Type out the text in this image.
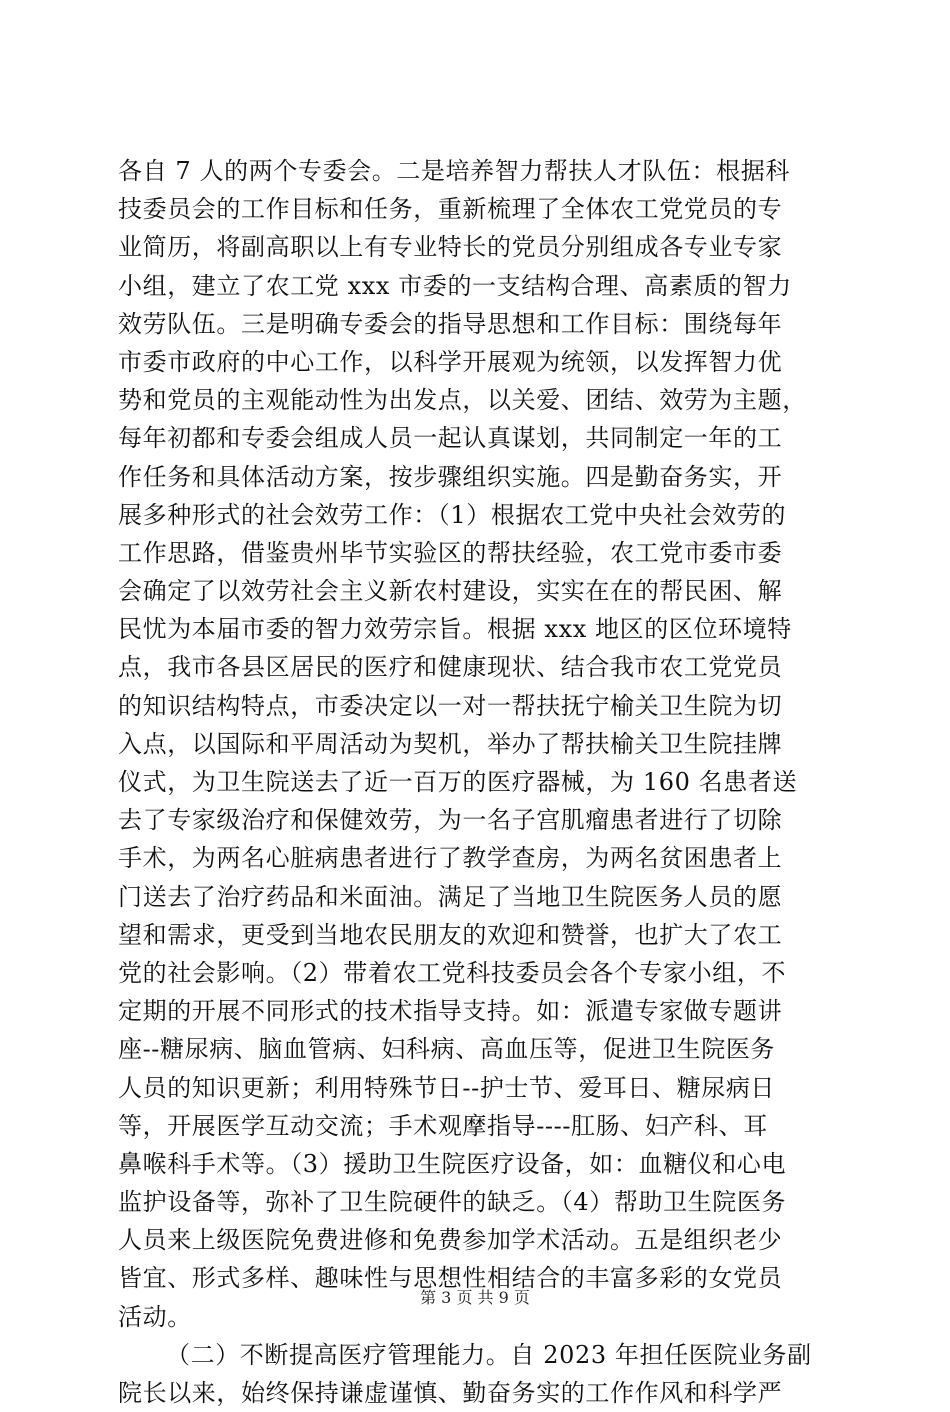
各自 7 人的两个专委会。二是培养智力帮扶人才队伍：根据科
技委员会的工作目标和任务，重新梳理了全体农工党党员的专
业简历，将副高职以上有专业特长的党员分别组成各专业专家
小组，建立了农工党 xxx 市委的一支结构合理、高素质的智力
效劳队伍。三是明确专委会的指导思想和工作目标：围绕每年
市委市政府的中心工作，以科学开展观为统领，以发挥智力优
势和党员的主观能动性为出发点，以关爱、团结、效劳为主题，
每年初都和专委会组成人员一起认真谋划，共同制定一年的工
作任务和具体活动方案，按步骤组织实施。四是勤奋务实，开
展多种形式的社会效劳工作：（1）根据农工党中央社会效劳的
工作思路，借鉴贵州毕节实验区的帮扶经验，农工党市委市委
会确定了以效劳社会主义新农村建设，实实在在的帮民困、解
民忧为本届市委的智力效劳宗旨。根据 xxx 地区的区位环境特
点，我市各县区居民的医疗和健康现状、结合我市农工党党员
的知识结构特点，市委决定以一对一帮扶抚宁榆关卫生院为切
入点，以国际和平周活动为契机，举办了帮扶榆关卫生院挂牌
仪式，为卫生院送去了近一百万的医疗器械，为 160 名患者送
去了专家级治疗和保健效劳，为一名子宫肌瘤患者进行了切除
手术，为两名心脏病患者进行了教学查房，为两名贫困患者上
门送去了治疗药品和米面油。满足了当地卫生院医务人员的愿
望和需求，更受到当地农民朋友的欢迎和赞誉，也扩大了农工
党的社会影响。（2）带着农工党科技委员会各个专家小组，不
定期的开展不同形式的技术指导支持。如：派遣专家做专题讲
座--糖尿病、脑血管病、妇科病、高血压等，促进卫生院医务
人员的知识更新；利用特殊节日--护士节、爱耳日、糖尿病日
等，开展医学互动交流；手术观摩指导----肛肠、妇产科、耳
鼻喉科手术等。（3）援助卫生院医疗设备，如：血糖仪和心电
监护设备等，弥补了卫生院硬件的缺乏。（4）帮助卫生院医务
人员来上级医院免费进修和免费参加学术活动。五是组织老少
皆宜、形式多样、趣味性与思想性相结合的丰富多彩的女党员
活动。
（二）不断提高医疗管理能力。自 2023 年担任医院业务副
院长以来，始终保持谦虚谨慎、勤奋务实的工作作风和科学严
第 3 页 共 9 页
